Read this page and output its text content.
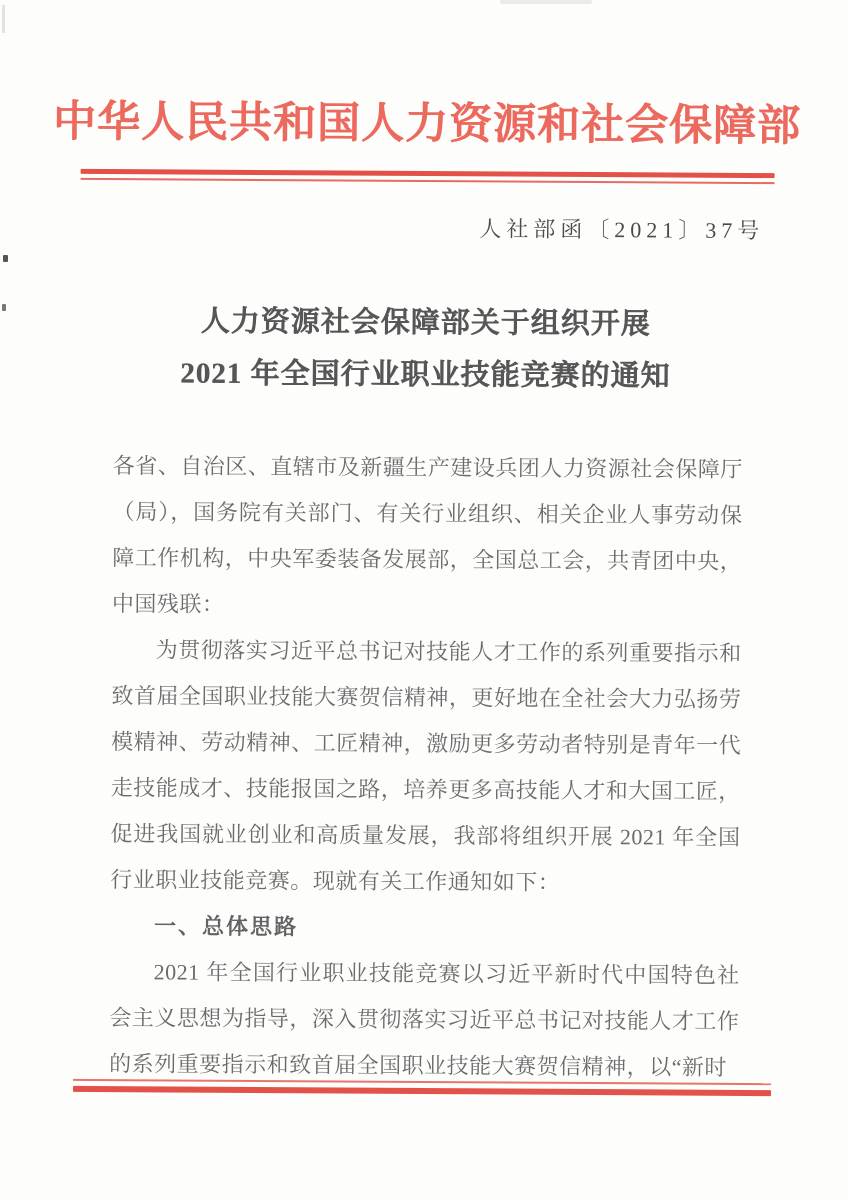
中华人民共和国人力资源和社会保障部
人社部函〔2021〕37号
人力资源社会保障部关于组织开展
2021 年全国行业职业技能竞赛的通知

各省、自治区、直辖市及新疆生产建设兵团人力资源社会保障厅（局），国务院有关部门、有关行业组织、相关企业人事劳动保障工作机构，中央军委装备发展部，全国总工会，共青团中央，中国残联：

为贯彻落实习近平总书记对技能人才工作的系列重要指示和致首届全国职业技能大赛贺信精神，更好地在全社会大力弘扬劳模精神、劳动精神、工匠精神，激励更多劳动者特别是青年一代走技能成才、技能报国之路，培养更多高技能人才和大国工匠，促进我国就业创业和高质量发展，我部将组织开展 2021 年全国行业职业技能竞赛。现就有关工作通知如下：

一、总体思路

2021 年全国行业职业技能竞赛以习近平新时代中国特色社会主义思想为指导，深入贯彻落实习近平总书记对技能人才工作的系列重要指示和致首届全国职业技能大赛贺信精神，以“新时
